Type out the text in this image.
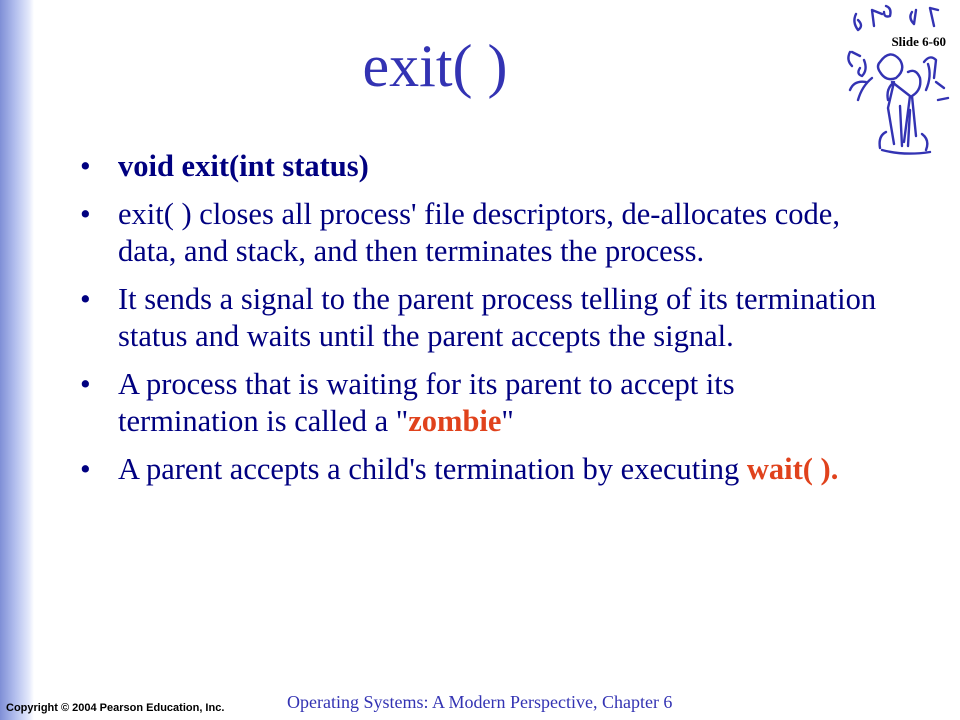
exit( )	Slide 6-60
• void exit(int status)
• exit( ) closes all process' file descriptors, de-allocates code, data, and stack, and then terminates the process.
• It sends a signal to the parent process telling of its termination status and waits until the parent accepts the signal.
• A process that is waiting for its parent to accept its termination is called a "zombie"
• A parent accepts a child's termination by executing wait( ).
Copyright © 2004 Pearson Education, Inc.	Operating Systems: A Modern Perspective, Chapter 6
